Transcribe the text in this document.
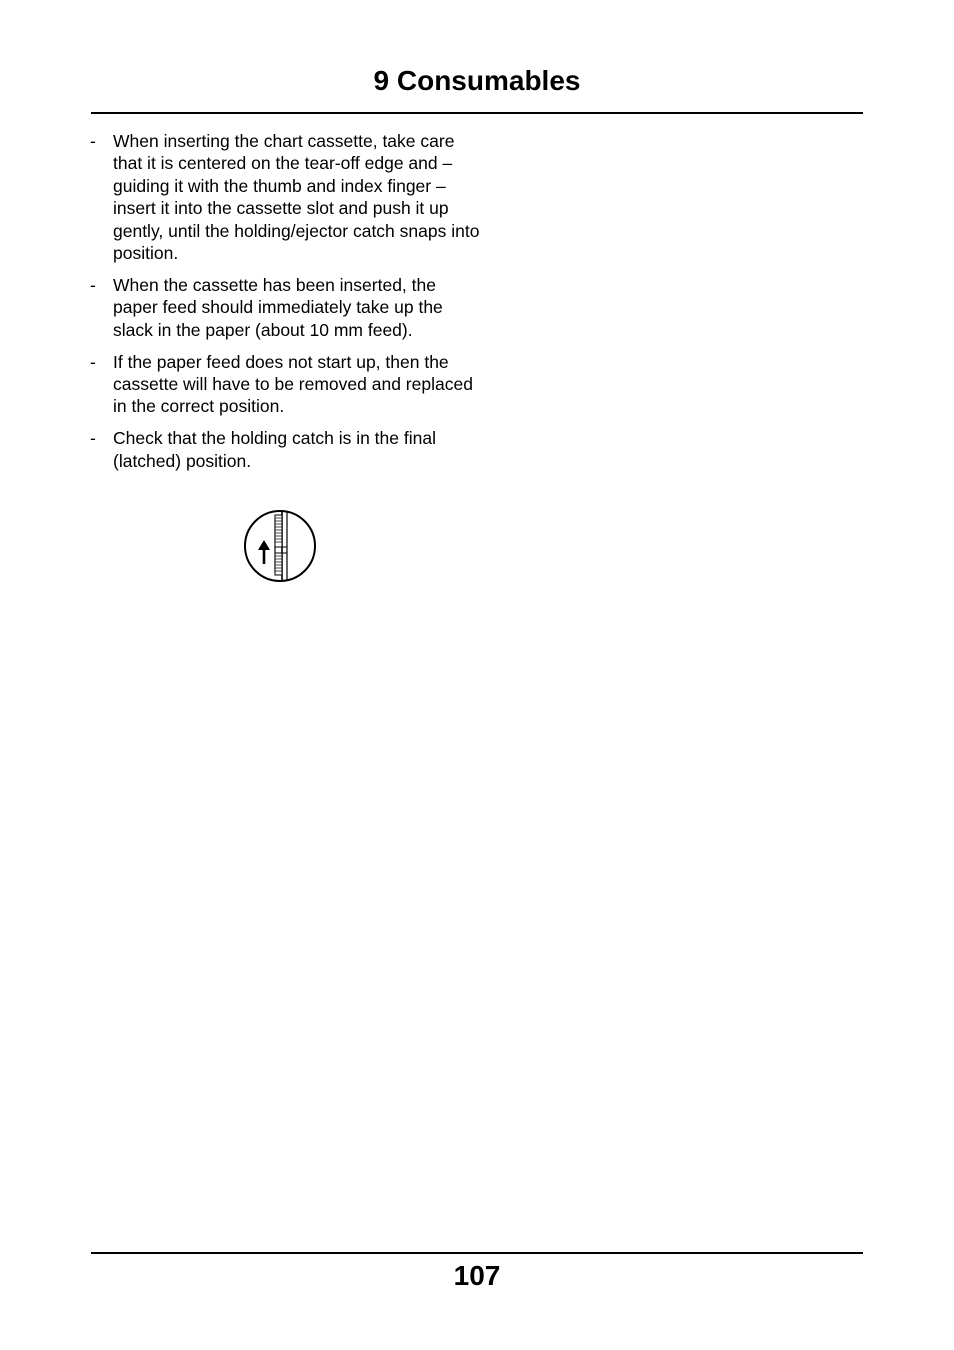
9 Consumables
- When inserting the chart cassette, take care that it is centered on the tear-off edge and – guiding it with the thumb and index finger – insert it into the cassette slot and push it up gently, until the holding/ejector catch snaps into position.
- When the cassette has been inserted, the paper feed should immediately take up the slack in the paper (about 10 mm feed).
- If the paper feed does not start up, then the cassette will have to be removed and replaced in the correct position.
- Check that the holding catch is in the final (latched) position.
107
